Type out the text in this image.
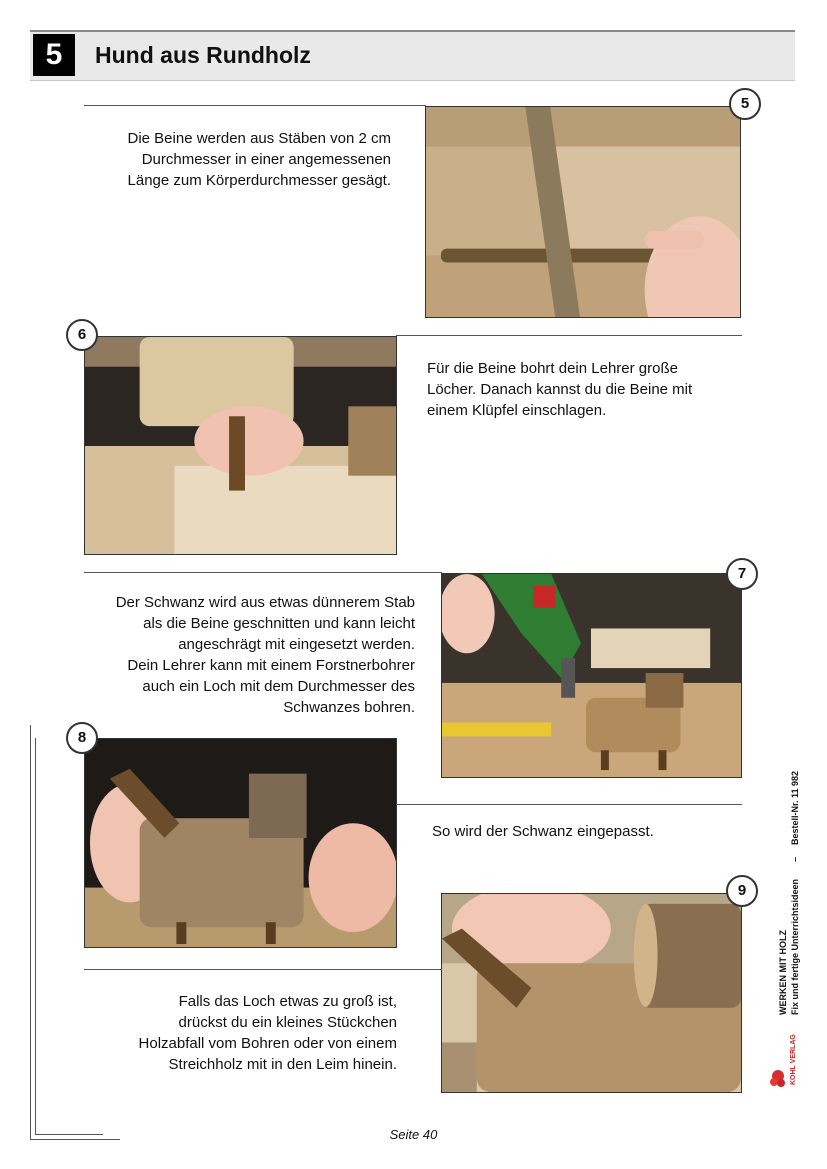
5	Hund aus Rundholz
Die Beine werden aus Stäben von 2 cm
Durchmesser in einer angemessenen
Länge zum Körperdurchmesser gesägt.
5
6
Für die Beine bohrt dein Lehrer große
Löcher. Danach kannst du die Beine mit
einem Klüpfel einschlagen.
Der Schwanz wird aus etwas dünnerem Stab
als die Beine geschnitten und kann leicht
angeschrägt mit eingesetzt werden.
Dein Lehrer kann mit einem Forstnerbohrer
auch ein Loch mit dem Durchmesser des
Schwanzes bohren.
7
8
So wird der Schwanz eingepasst.
9
Falls das Loch etwas zu groß ist,
drückst du ein kleines Stückchen
Holzabfall vom Bohren oder von einem
Streichholz mit in den Leim hinein.
Bestell-Nr. 11 982
–
WERKEN MIT HOLZ Fix und fertige Unterrichtsideen
KOHL VERLAG
Seite 40
